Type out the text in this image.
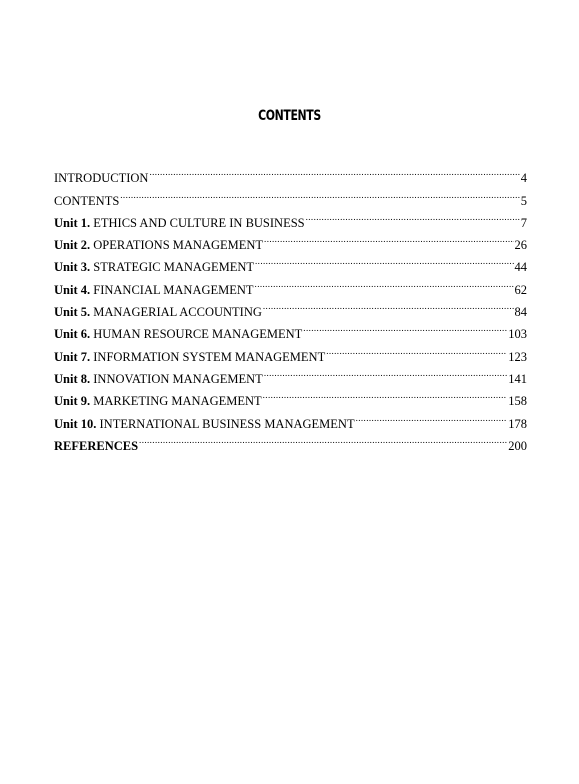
CONTENTS
INTRODUCTION .....	4
CONTENTS .....	5
Unit 1. ETHICS AND CULTURE IN BUSINESS .....	7
Unit 2. OPERATIONS MANAGEMENT .....	26
Unit 3. STRATEGIC MANAGEMENT .....	44
Unit 4. FINANCIAL MANAGEMENT .....	62
Unit 5. MANAGERIAL ACCOUNTING .....	84
Unit 6. HUMAN RESOURCE MANAGEMENT .....	103
Unit 7. INFORMATION SYSTEM MANAGEMENT .....	123
Unit 8. INNOVATION MANAGEMENT .....	141
Unit 9. MARKETING MANAGEMENT .....	158
Unit 10. INTERNATIONAL BUSINESS MANAGEMENT .....	178
REFERENCES .....	200
